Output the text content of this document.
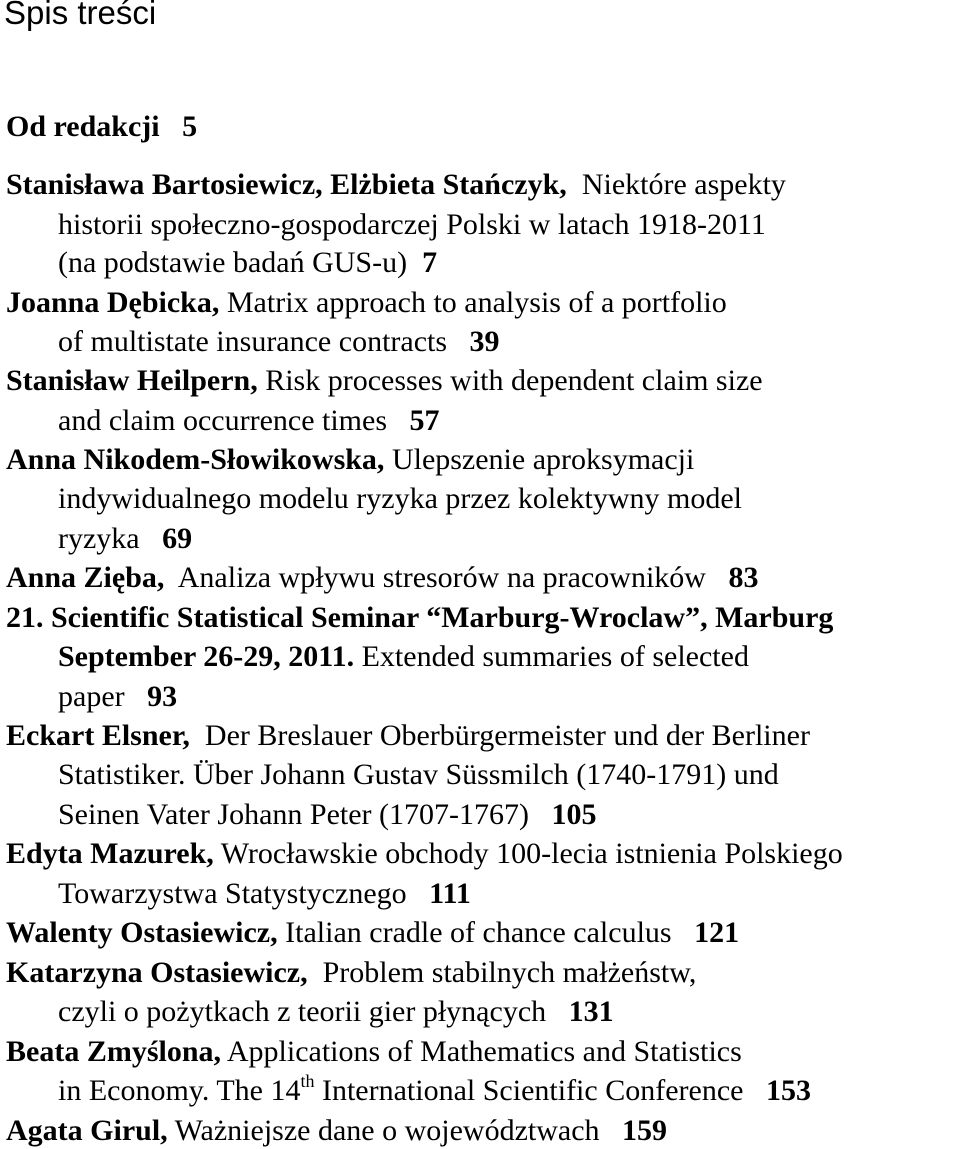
Spis treści
Od redakcji 5
Stanisława Bartosiewicz, Elżbieta Stańczyk, Niektóre aspekty
historii społeczno-gospodarczej Polski w latach 1918-2011
(na podstawie badań GUS-u) 7
Joanna Dębicka, Matrix approach to analysis of a portfolio
of multistate insurance contracts 39
Stanisław Heilpern, Risk processes with dependent claim size
and claim occurrence times 57
Anna Nikodem-Słowikowska, Ulepszenie aproksymacji
indywidualnego modelu ryzyka przez kolektywny model
ryzyka 69
Anna Zięba, Analiza wpływu stresorów na pracowników 83
21. Scientific Statistical Seminar “Marburg-Wroclaw”, Marburg
September 26-29, 2011. Extended summaries of selected
paper 93
Eckart Elsner, Der Breslauer Oberbürgermeister und der Berliner
Statistiker. Über Johann Gustav Süssmilch (1740-1791) und
Seinen Vater Johann Peter (1707-1767) 105
Edyta Mazurek, Wrocławskie obchody 100-lecia istnienia Polskiego
Towarzystwa Statystycznego 111
Walenty Ostasiewicz, Italian cradle of chance calculus 121
Katarzyna Ostasiewicz, Problem stabilnych małżeństw,
czyli o pożytkach z teorii gier płynących 131
Beata Zmyślona, Applications of Mathematics and Statistics
in Economy. The 14th International Scientific Conference 153
Agata Girul, Ważniejsze dane o województwach 159
